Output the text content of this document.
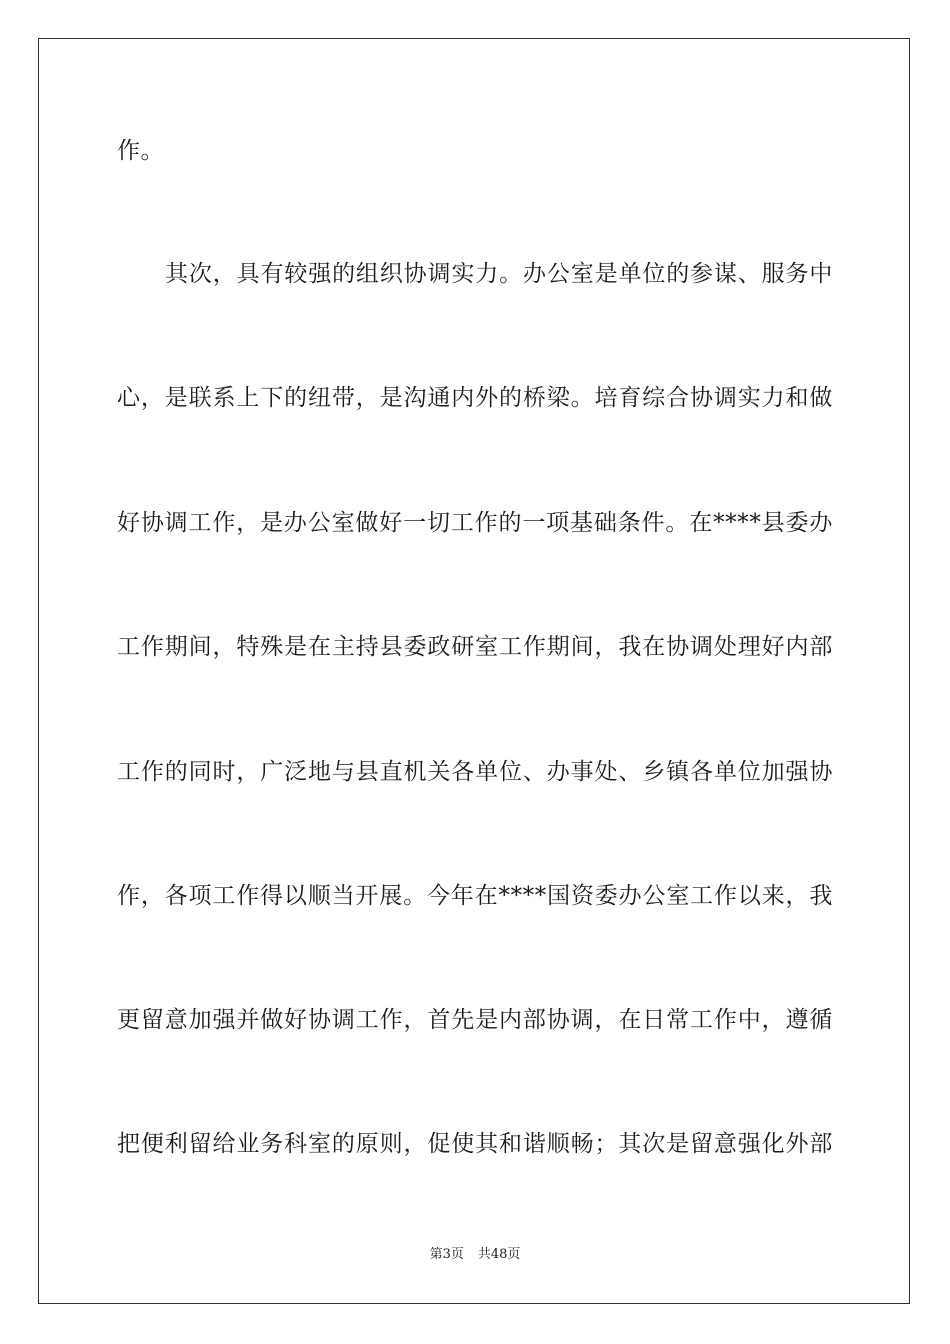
作。
其次，具有较强的组织协调实力。办公室是单位的参谋、服务中
心，是联系上下的纽带，是沟通内外的桥梁。培育综合协调实力和做
好协调工作，是办公室做好一切工作的一项基础条件。在****县委办
工作期间，特殊是在主持县委政研室工作期间，我在协调处理好内部
工作的同时，广泛地与县直机关各单位、办事处、乡镇各单位加强协
作，各项工作得以顺当开展。今年在****国资委办公室工作以来，我
更留意加强并做好协调工作，首先是内部协调，在日常工作中，遵循
把便利留给业务科室的原则，促使其和谐顺畅；其次是留意强化外部
第3页 共48页
